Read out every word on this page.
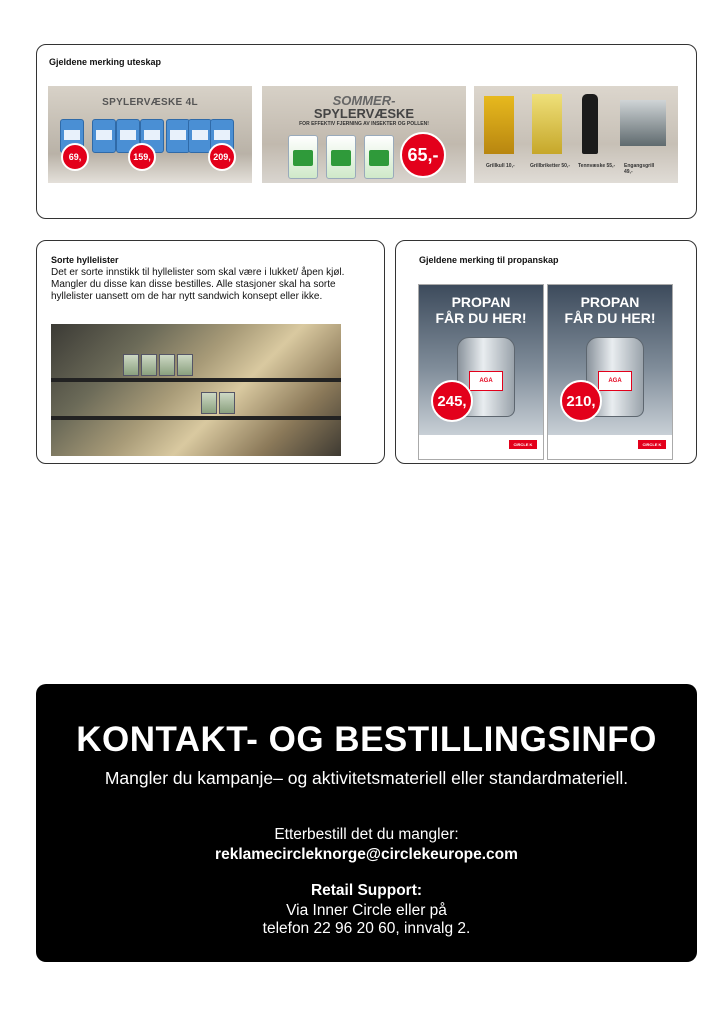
Gjeldene merking uteskap
SPYLERVÆSKE 4L
69,	159,	209,
SOMMER-
SPYLERVÆSKE
FOR EFFEKTIV FJERNING AV INSEKTER OG POLLEN!
65,-
Grillkull 10,-	Grillbriketter 50,- Tennvæske 55,-	Engangsgrill 49,-
Sortе hyllelister
Det er sorte innstikk til hyllelister som skal være i lukket/ åpen kjøl. Mangler du disse kan disse bestilles. Alle stasjoner skal ha sorte hyllelister uansett om de har nytt sandwich konsept eller ikke.
Gjeldene merking til propanskap
PROPAN
FÅR DU HER!
AGA
245,
CIRCLE K
PROPAN
FÅR DU HER!
AGA
210,
CIRCLE K
KONTAKT- OG BESTILLINGSINFO
Mangler du kampanje– og aktivitetsmateriell eller standardmateriell.
Etterbestill det du mangler:
reklamecircleknorge@circlekeurope.com
Retail Support:
Via Inner Circle eller på
telefon 22 96 20 60, innvalg 2.
